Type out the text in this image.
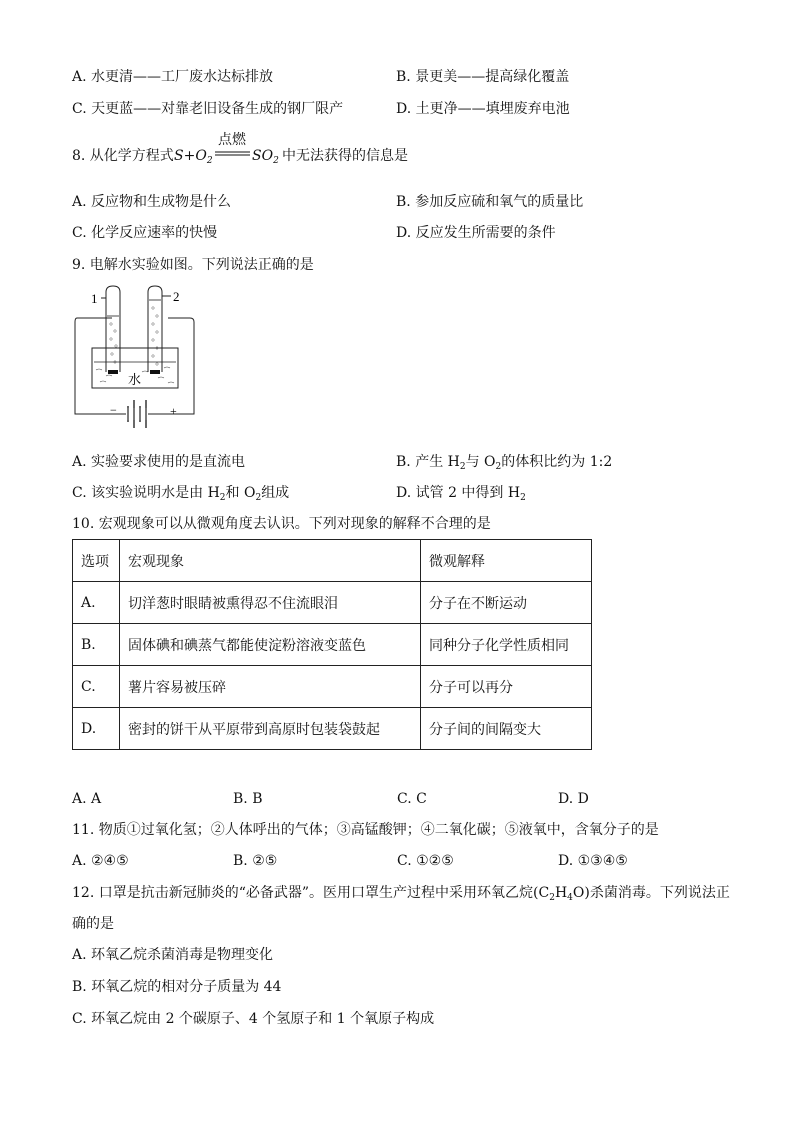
A. 水更清——工厂废水达标排放	B. 景更美——提高绿化覆盖
C. 天更蓝——对靠老旧设备生成的钢厂限产	D. 土更净——填埋废弃电池
8. 从化学方程式 $S+O_2$
点燃
$SO_2$ 中无法获得的信息是
A. 反应物和生成物是什么	B. 参加反应硫和氧气的质量比
C. 化学反应速率的快慢	D. 反应发生所需要的条件
9. 电解水实验如图。下列说法正确的是
1	2
水
−	+
A. 实验要求使用的是直流电	B. 产生 $H_2$与 $O_2$的体积比约为 1:2
C. 该实验说明水是由 $H_2$和 $O_2$组成	D. 试管 2 中得到 $H_2$
10. 宏观现象可以从微观角度去认识。下列对现象的解释不合理的是
选项	宏观现象	微观解释
A.	切洋葱时眼睛被熏得忍不住流眼泪	分子在不断运动
B.	固体碘和碘蒸气都能使淀粉溶液变蓝色	同种分子化学性质相同
C.	薯片容易被压碎	分子可以再分
D.	密封的饼干从平原带到高原时包装袋鼓起	分子间的间隔变大
A. A	B. B	C. C	D. D
11. 物质①过氧化氢；②人体呼出的气体；③高锰酸钾；④二氧化碳；⑤液氧中，含氧分子的是
A. ②④⑤	B. ②⑤	C. ①②⑤	D. ①③④⑤
12. 口罩是抗击新冠肺炎的“必备武器”。医用口罩生产过程中采用环氧乙烷$(C_2H_4O)$杀菌消毒。下列说法正
确的是
A. 环氧乙烷杀菌消毒是物理变化
B. 环氧乙烷的相对分子质量为 44
C. 环氧乙烷由 2 个碳原子、4 个氢原子和 1 个氧原子构成
